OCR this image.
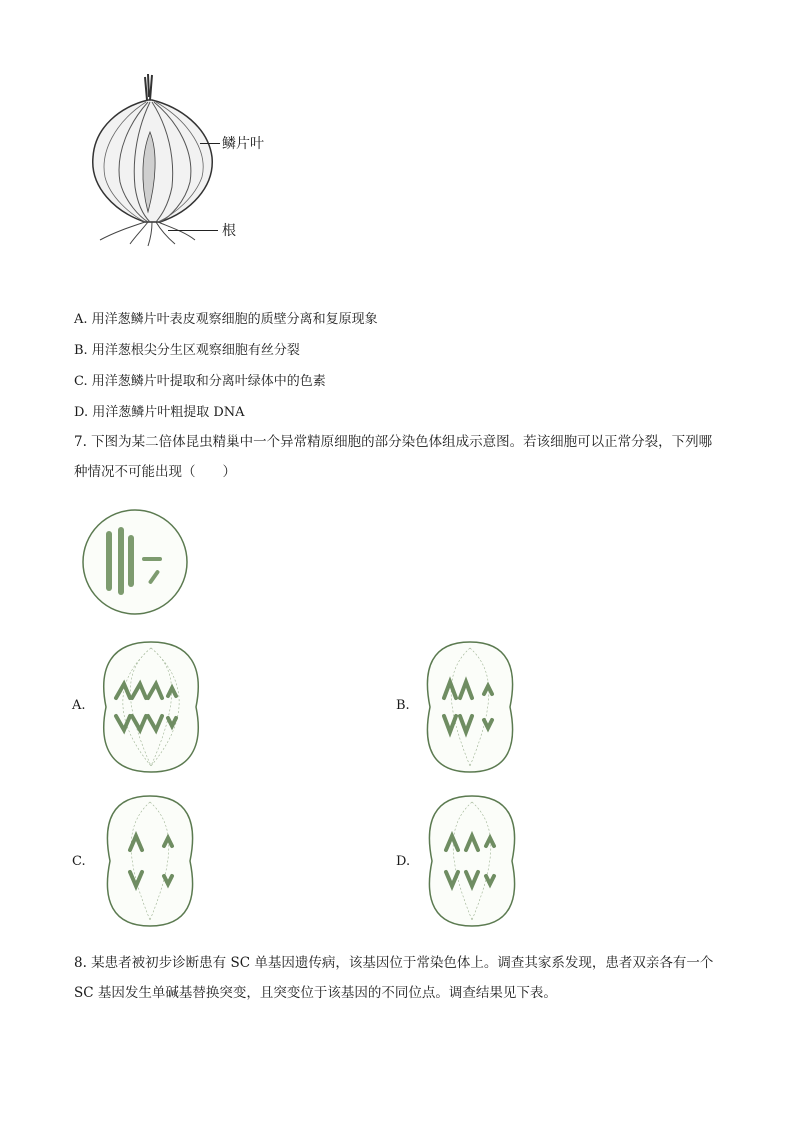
鳞片叶
根
A. 用洋葱鳞片叶表皮观察细胞的质壁分离和复原现象
B. 用洋葱根尖分生区观察细胞有丝分裂
C. 用洋葱鳞片叶提取和分离叶绿体中的色素
D. 用洋葱鳞片叶粗提取 DNA
7. 下图为某二倍体昆虫精巢中一个异常精原细胞的部分染色体组成示意图。若该细胞可以正常分裂，下列哪种情况不可能出现（　　）
A.	B.
C.	D.
8. 某患者被初步诊断患有 SC 单基因遗传病，该基因位于常染色体上。调查其家系发现，患者双亲各有一个 SC 基因发生单碱基替换突变，且突变位于该基因的不同位点。调查结果见下表。
